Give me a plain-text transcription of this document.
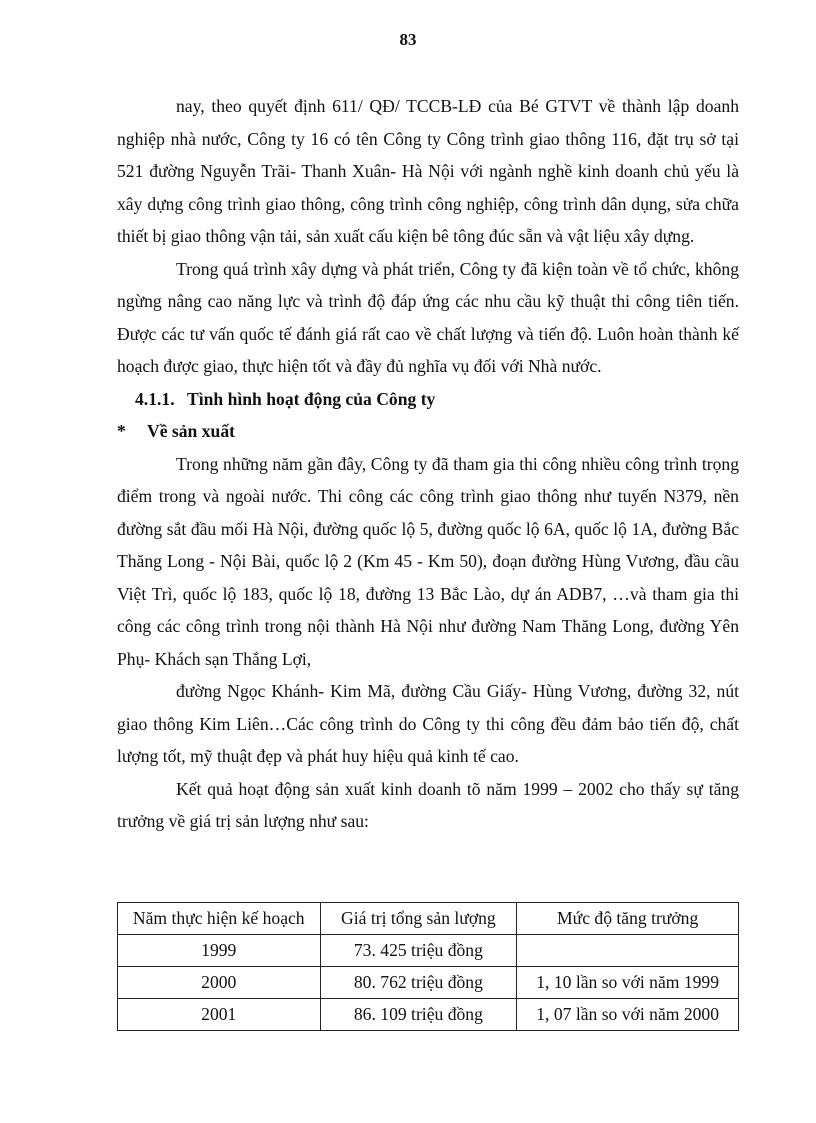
83

nay, theo quyết định 611/ QĐ/ TCCB-LĐ của Bé GTVT về thành lập doanh nghiệp nhà nước, Công ty 16 có tên Công ty Công trình giao thông 116, đặt trụ sở tại 521 đường Nguyễn Trãi- Thanh Xuân- Hà Nội với ngành nghề kinh doanh chủ yếu là xây dựng công trình giao thông, công trình công nghiệp, công trình dân dụng, sửa chữa thiết bị giao thông vận tải, sản xuất cấu kiện bê tông đúc sẵn và vật liệu xây dựng.

Trong quá trình xây dựng và phát triển, Công ty đã kiện toàn về tổ chức, không ngừng nâng cao năng lực và trình độ đáp ứng các nhu cầu kỹ thuật thi công tiên tiến. Được các tư vấn quốc tế đánh giá rất cao về chất lượng và tiến độ. Luôn hoàn thành kế hoạch được giao, thực hiện tốt và đầy đủ nghĩa vụ đối với Nhà nước.

4.1.1. Tình hình hoạt động của Công ty

* Về sản xuất

Trong những năm gần đây, Công ty đã tham gia thi công nhiều công trình trọng điểm trong và ngoài nước. Thi công các công trình giao thông như tuyến N379, nền đường sắt đầu mối Hà Nội, đường quốc lộ 5, đường quốc lộ 6A, quốc lộ 1A, đường Bắc Thăng Long - Nội Bài, quốc lộ 2 (Km 45 - Km 50), đoạn đường Hùng Vương, đầu cầu Việt Trì, quốc lộ 183, quốc lộ 18, đường 13 Bắc Lào, dự án ADB7, …và tham gia thi công các công trình trong nội thành Hà Nội như đường Nam Thăng Long, đường Yên Phụ- Khách sạn Thắng Lợi,

đường Ngọc Khánh- Kim Mã, đường Cầu Giấy- Hùng Vương, đường 32, nút giao thông Kim Liên…Các công trình do Công ty thi công đều đảm bảo tiến độ, chất lượng tốt, mỹ thuật đẹp và phát huy hiệu quả kinh tế cao.

Kết quả hoạt động sản xuất kinh doanh tõ năm 1999 – 2002 cho thấy sự tăng trưởng về giá trị sản lượng như sau:

Năm thực hiện kế hoạch	Giá trị tổng sản lượng	Mức độ tăng trưởng
1999	73. 425 triệu đồng	
2000	80. 762 triệu đồng	1, 10 lần so với năm 1999
2001	86. 109 triệu đồng	1, 07 lần so với năm 2000
